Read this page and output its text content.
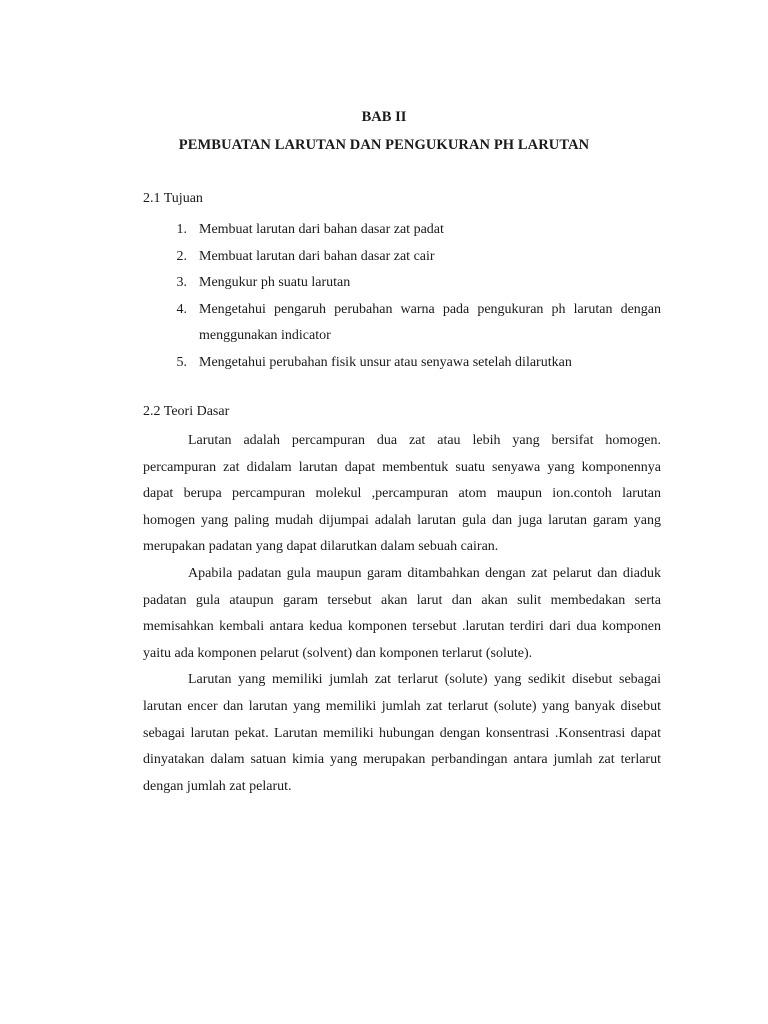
BAB II
PEMBUATAN LARUTAN DAN PENGUKURAN PH LARUTAN
2.1 Tujuan
1. Membuat larutan dari bahan dasar zat padat
2. Membuat larutan dari bahan dasar zat cair
3. Mengukur ph suatu larutan
4. Mengetahui pengaruh perubahan warna pada pengukuran ph larutan dengan menggunakan indicator
5. Mengetahui perubahan fisik unsur atau senyawa setelah dilarutkan
2.2 Teori Dasar

Larutan adalah percampuran dua zat atau lebih yang bersifat homogen. percampuran zat didalam larutan dapat membentuk suatu senyawa yang komponennya dapat berupa percampuran molekul ,percampuran atom maupun ion.contoh larutan homogen yang paling mudah dijumpai adalah larutan gula dan juga larutan garam yang merupakan padatan yang dapat dilarutkan dalam sebuah cairan.

Apabila padatan gula maupun garam ditambahkan dengan zat pelarut dan diaduk padatan gula ataupun garam tersebut akan larut dan akan sulit membedakan serta memisahkan kembali antara kedua komponen tersebut .larutan terdiri dari dua komponen yaitu ada komponen pelarut (solvent) dan komponen terlarut (solute).

Larutan yang memiliki jumlah zat terlarut (solute) yang sedikit disebut sebagai larutan encer dan larutan yang memiliki jumlah zat terlarut (solute) yang banyak disebut sebagai larutan pekat. Larutan memiliki hubungan dengan konsentrasi .Konsentrasi dapat dinyatakan dalam satuan kimia yang merupakan perbandingan antara jumlah zat terlarut dengan jumlah zat pelarut.
